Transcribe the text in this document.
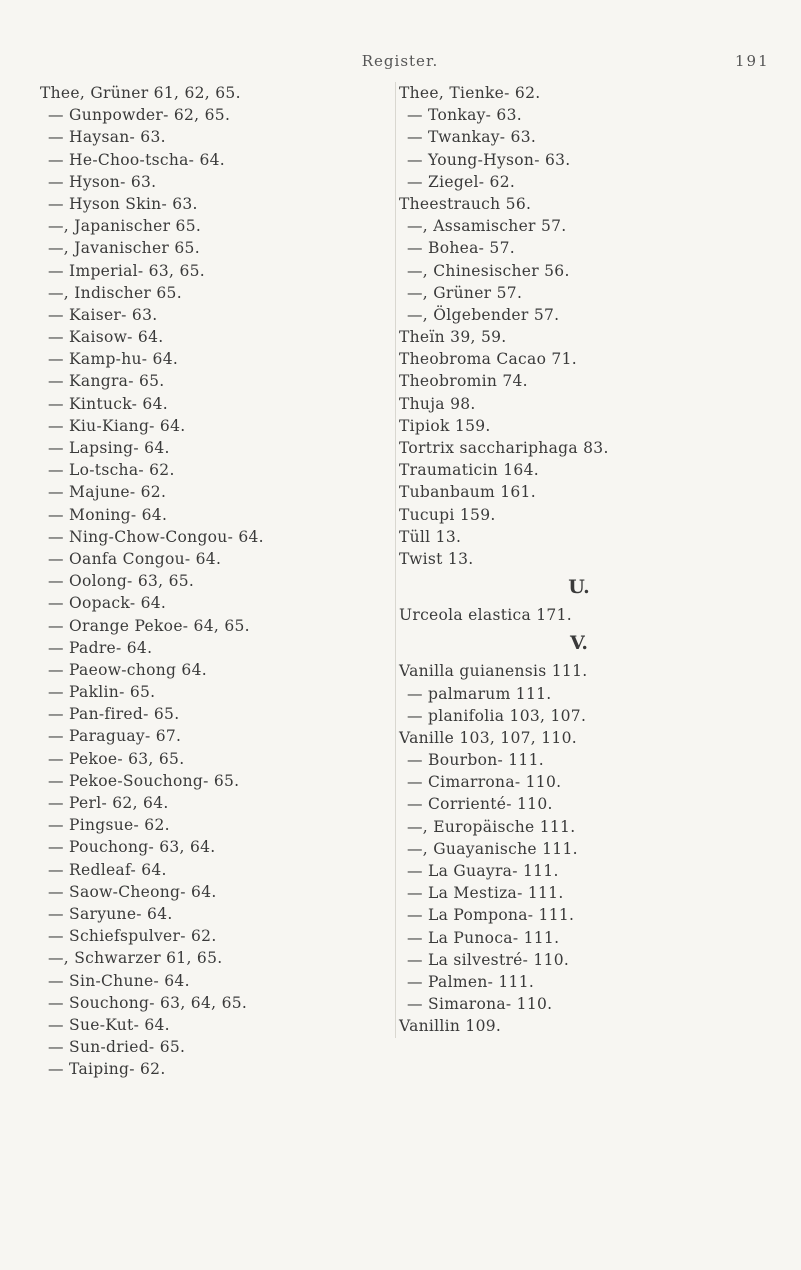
Register.	191
Thee, Grüner 61, 62, 65.
— Gunpowder- 62, 65.
— Haysan- 63.
— He-Choo-tscha- 64.
— Hyson- 63.
— Hyson Skin- 63.
—, Japanischer 65.
—, Javanischer 65.
— Imperial- 63, 65.
—, Indischer 65.
— Kaiser- 63.
— Kaisow- 64.
— Kamp-hu- 64.
— Kangra- 65.
— Kintuck- 64.
— Kiu-Kiang- 64.
— Lapsing- 64.
— Lo-tscha- 62.
— Majune- 62.
— Moning- 64.
— Ning-Chow-Congou- 64.
— Oanfa Congou- 64.
— Oolong- 63, 65.
— Oopack- 64.
— Orange Pekoe- 64, 65.
— Padre- 64.
— Paeow-chong 64.
— Paklin- 65.
— Pan-fired- 65.
— Paraguay- 67.
— Pekoe- 63, 65.
— Pekoe-Souchong- 65.
— Perl- 62, 64.
— Pingsue- 62.
— Pouchong- 63, 64.
— Redleaf- 64.
— Saow-Cheong- 64.
— Saryune- 64.
— Schiefspulver- 62.
—, Schwarzer 61, 65.
— Sin-Chune- 64.
— Souchong- 63, 64, 65.
— Sue-Kut- 64.
— Sun-dried- 65.
— Taiping- 62.
Thee, Tienke- 62.
— Tonkay- 63.
— Twankay- 63.
— Young-Hyson- 63.
— Ziegel- 62.
Theestrauch 56.
—, Assamischer 57.
— Bohea- 57.
—, Chinesischer 56.
—, Grüner 57.
—, Ölgebender 57.
Theïn 39, 59.
Theobroma Cacao 71.
Theobromin 74.
Thuja 98.
Tipiok 159.
Tortrix sacchariphaga 83.
Traumaticin 164.
Tubanbaum 161.
Tucupi 159.
Tüll 13.
Twist 13.
U.
Urceola elastica 171.
V.
Vanilla guianensis 111.
— palmarum 111.
— planifolia 103, 107.
Vanille 103, 107, 110.
— Bourbon- 111.
— Cimarrona- 110.
— Corrienté- 110.
—, Europäische 111.
—, Guayanische 111.
— La Guayra- 111.
— La Mestiza- 111.
— La Pompona- 111.
— La Punoca- 111.
— La silvestré- 110.
— Palmen- 111.
— Simarona- 110.
Vanillin 109.
